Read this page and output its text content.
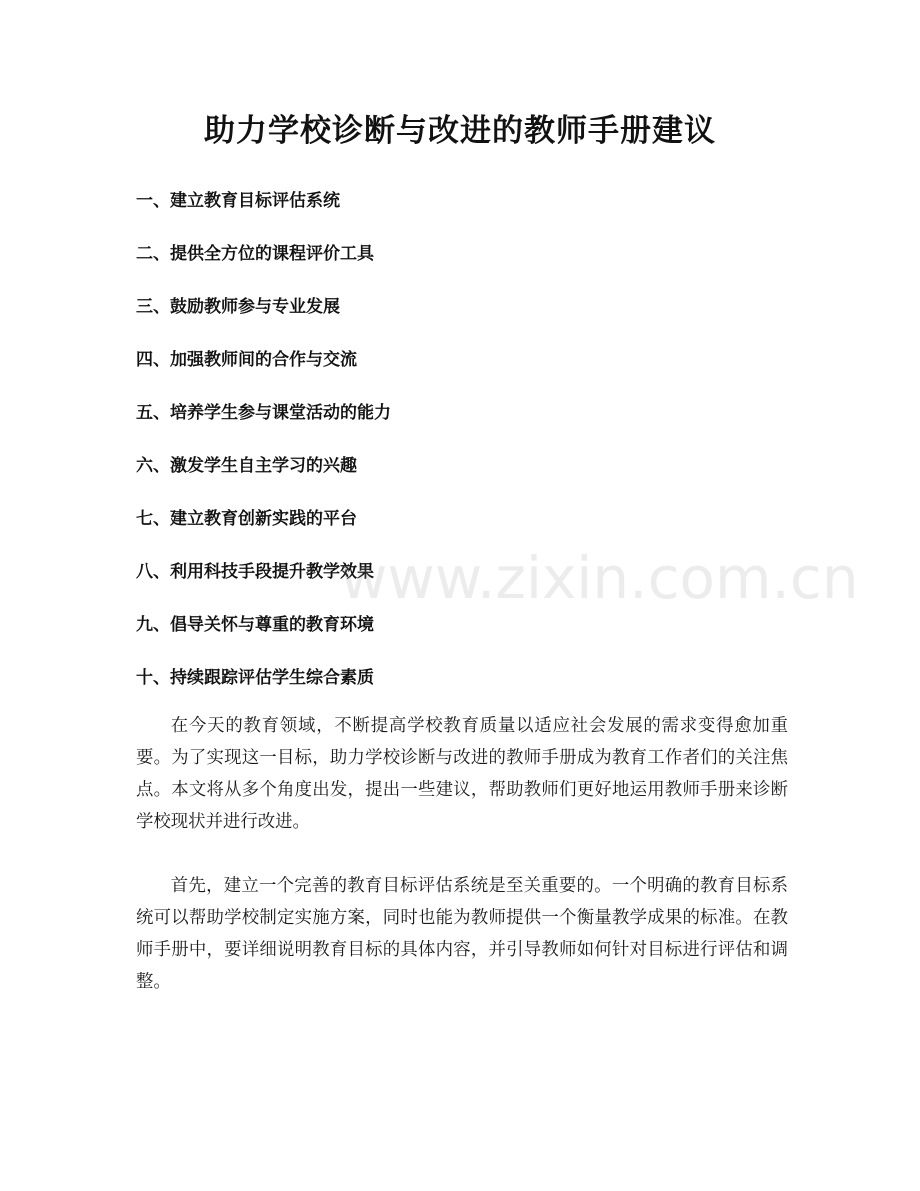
助力学校诊断与改进的教师手册建议
一、建立教育目标评估系统
二、提供全方位的课程评价工具
三、鼓励教师参与专业发展
四、加强教师间的合作与交流
五、培养学生参与课堂活动的能力
六、激发学生自主学习的兴趣
七、建立教育创新实践的平台
八、利用科技手段提升教学效果
九、倡导关怀与尊重的教育环境
十、持续跟踪评估学生综合素质

在今天的教育领域，不断提高学校教育质量以适应社会发展的需求变得愈加重要。为了实现这一目标，助力学校诊断与改进的教师手册成为教育工作者们的关注焦点。本文将从多个角度出发，提出一些建议，帮助教师们更好地运用教师手册来诊断学校现状并进行改进。

首先，建立一个完善的教育目标评估系统是至关重要的。一个明确的教育目标系统可以帮助学校制定实施方案，同时也能为教师提供一个衡量教学成果的标准。在教师手册中，要详细说明教育目标的具体内容，并引导教师如何针对目标进行评估和调整。

www.zixin.com.cn
